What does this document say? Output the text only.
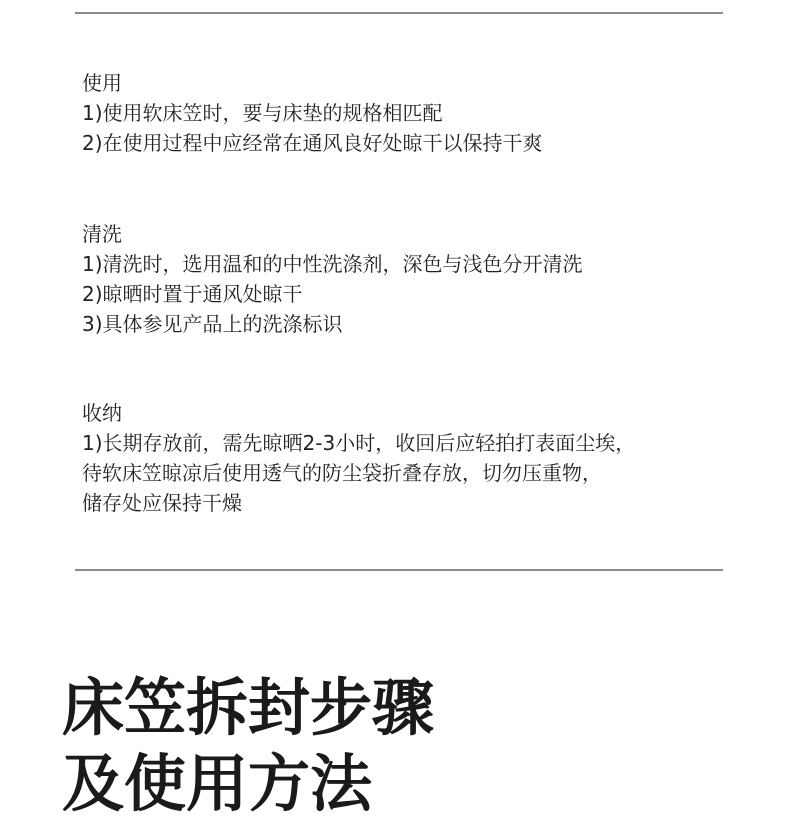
使用
1)使用软床笠时，要与床垫的规格相匹配
2)在使用过程中应经常在通风良好处晾干以保持干爽
清洗
1)清洗时，选用温和的中性洗涤剂，深色与浅色分开清洗
2)晾晒时置于通风处晾干
3)具体参见产品上的洗涤标识
收纳
1)长期存放前，需先晾晒2-3小时，收回后应轻拍打表面尘埃，
待软床笠晾凉后使用透气的防尘袋折叠存放，切勿压重物，
储存处应保持干燥
床笠拆封步骤
及使用方法
